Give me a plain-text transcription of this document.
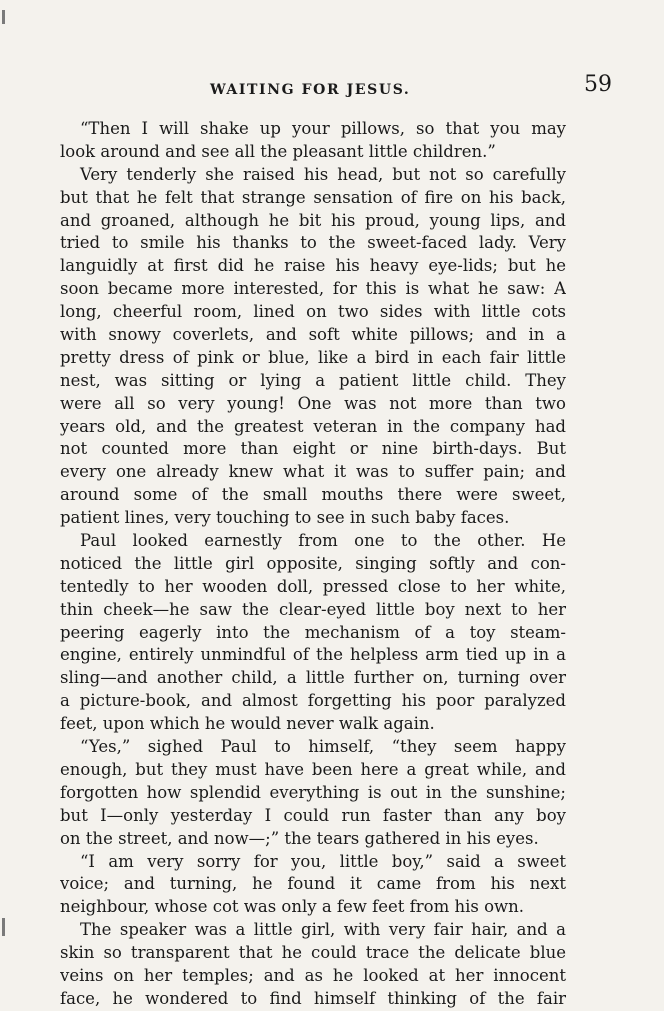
WAITING FOR JESUS.	59
“Then I will shake up your pillows, so that you may
look around and see all the pleasant little children.”
Very tenderly she raised his head, but not so carefully
but that he felt that strange sensation of fire on his back,
and groaned, although he bit his proud, young lips, and
tried to smile his thanks to the sweet-faced lady. Very
languidly at first did he raise his heavy eye-lids; but he
soon became more interested, for this is what he saw: A
long, cheerful room, lined on two sides with little cots
with snowy coverlets, and soft white pillows; and in a
pretty dress of pink or blue, like a bird in each fair little
nest, was sitting or lying a patient little child. They
were all so very young! One was not more than two
years old, and the greatest veteran in the company had
not counted more than eight or nine birth-days. But
every one already knew what it was to suffer pain; and
around some of the small mouths there were sweet,
patient lines, very touching to see in such baby faces.
Paul looked earnestly from one to the other. He
noticed the little girl opposite, singing softly and con-
tentedly to her wooden doll, pressed close to her white,
thin cheek—he saw the clear-eyed little boy next to her
peering eagerly into the mechanism of a toy steam-
engine, entirely unmindful of the helpless arm tied up in a
sling—and another child, a little further on, turning over
a picture-book, and almost forgetting his poor paralyzed
feet, upon which he would never walk again.
“Yes,” sighed Paul to himself, “they seem happy
enough, but they must have been here a great while, and
forgotten how splendid everything is out in the sunshine;
but I—only yesterday I could run faster than any boy
on the street, and now—;” the tears gathered in his eyes.
“I am very sorry for you, little boy,” said a sweet
voice; and turning, he found it came from his next
neighbour, whose cot was only a few feet from his own.
The speaker was a little girl, with very fair hair, and a
skin so transparent that he could trace the delicate blue
veins on her temples; and as he looked at her innocent
face, he wondered to find himself thinking of the fair
